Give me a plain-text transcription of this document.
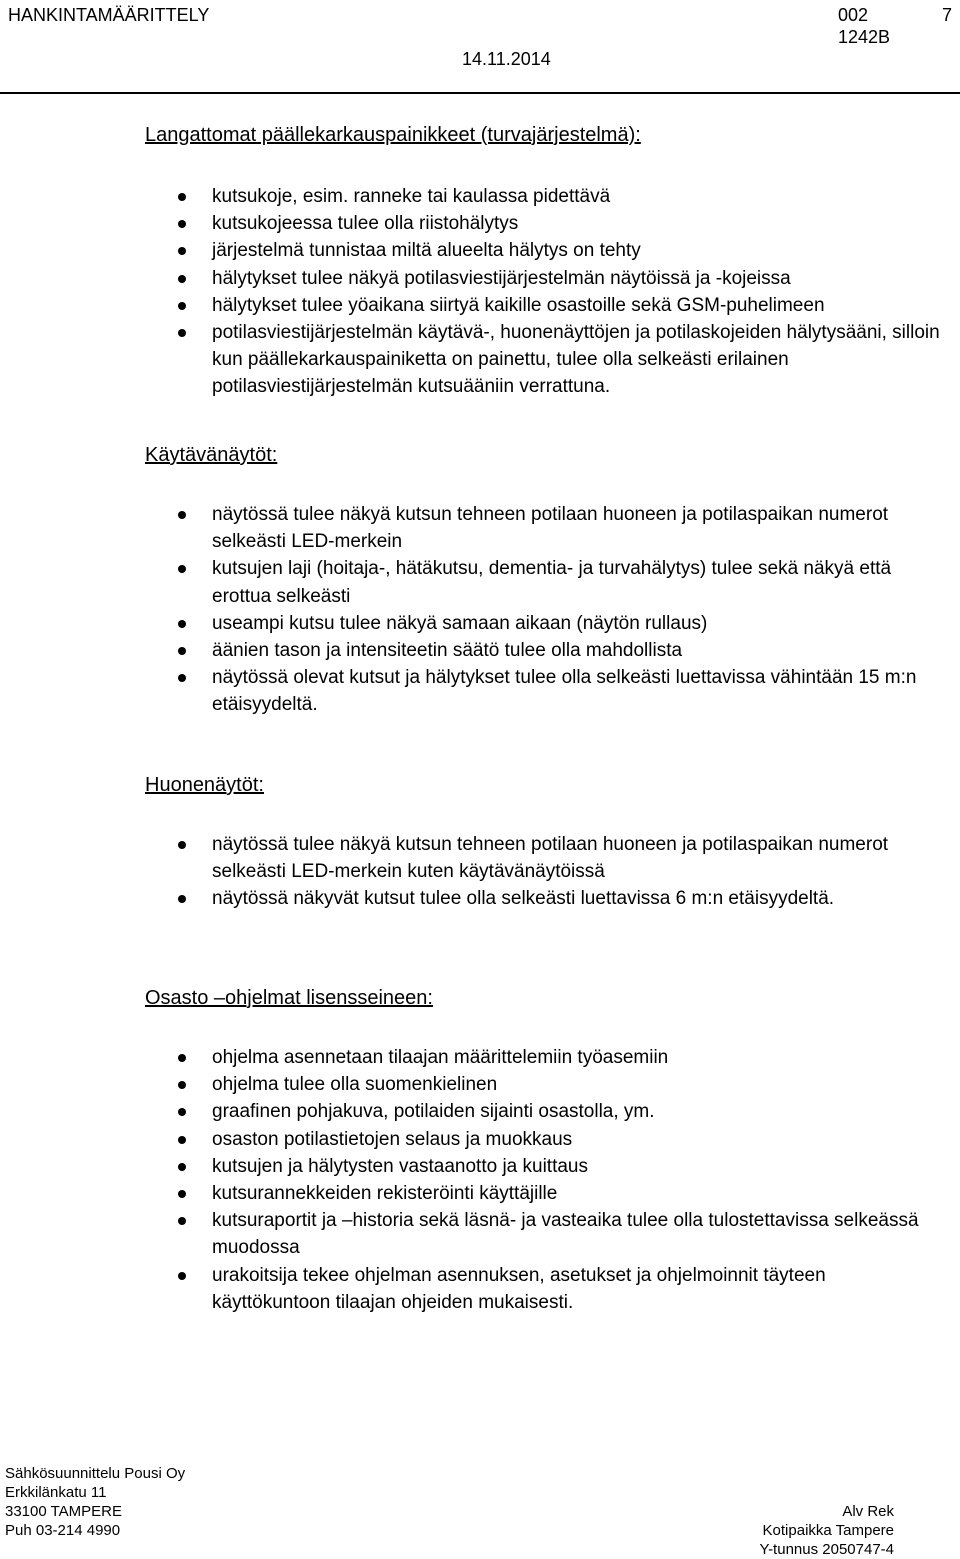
HANKINTAMÄÄRITTELY	002	7
14.11.2014
1242B

Langattomat päällekarkauspainikkeet (turvajärjestelmä):

kutsukoje, esim. ranneke tai kaulassa pidettävä
kutsukojeessa tulee olla riistohälytys
järjestelmä tunnistaa miltä alueelta hälytys on tehty
hälytykset tulee näkyä potilasviestijärjestelmän näytöissä ja -kojeissa
hälytykset tulee yöaikana siirtyä kaikille osastoille sekä GSM-puhelimeen
potilasviestijärjestelmän käytävä-, huonenäyttöjen ja potilaskojeiden hälytysääni, silloin kun päällekarkauspainiketta on painettu, tulee olla selkeästi erilainen potilasviestijärjestelmän kutsuääniin verrattuna.

Käytävänäytöt:

näytössä tulee näkyä kutsun tehneen potilaan huoneen ja potilaspaikan numerot selkeästi LED-merkein
kutsujen laji (hoitaja-, hätäkutsu, dementia- ja turvahälytys) tulee sekä näkyä että erottua selkeästi
useampi kutsu tulee näkyä samaan aikaan (näytön rullaus)
äänien tason ja intensiteetin säätö tulee olla mahdollista
näytössä olevat kutsut ja hälytykset tulee olla selkeästi luettavissa vähintään 15 m:n etäisyydeltä.

Huonenäytöt:

näytössä tulee näkyä kutsun tehneen potilaan huoneen ja potilaspaikan numerot selkeästi LED-merkein kuten käytävänäytöissä
näytössä näkyvät kutsut tulee olla selkeästi luettavissa 6 m:n etäisyydeltä.

Osasto –ohjelmat lisensseineen:

ohjelma asennetaan tilaajan määrittelemiin työasemiin
ohjelma tulee olla suomenkielinen
graafinen pohjakuva, potilaiden sijainti osastolla, ym.
osaston potilastietojen selaus ja muokkaus
kutsujen ja hälytysten vastaanotto ja kuittaus
kutsurannekkeiden rekisteröinti käyttäjille
kutsuraportit ja –historia sekä läsnä- ja vasteaika tulee olla tulostettavissa selkeässä muodossa
urakoitsija tekee ohjelman asennuksen, asetukset ja ohjelmoinnit täyteen käyttökuntoon tilaajan ohjeiden mukaisesti.
Sähkösuunnittelu Pousi Oy
Erkkilänkatu 11
33100 TAMPERE
Puh 03-214 4990
Alv Rek
Kotipaikka Tampere
Y-tunnus 2050747-4
